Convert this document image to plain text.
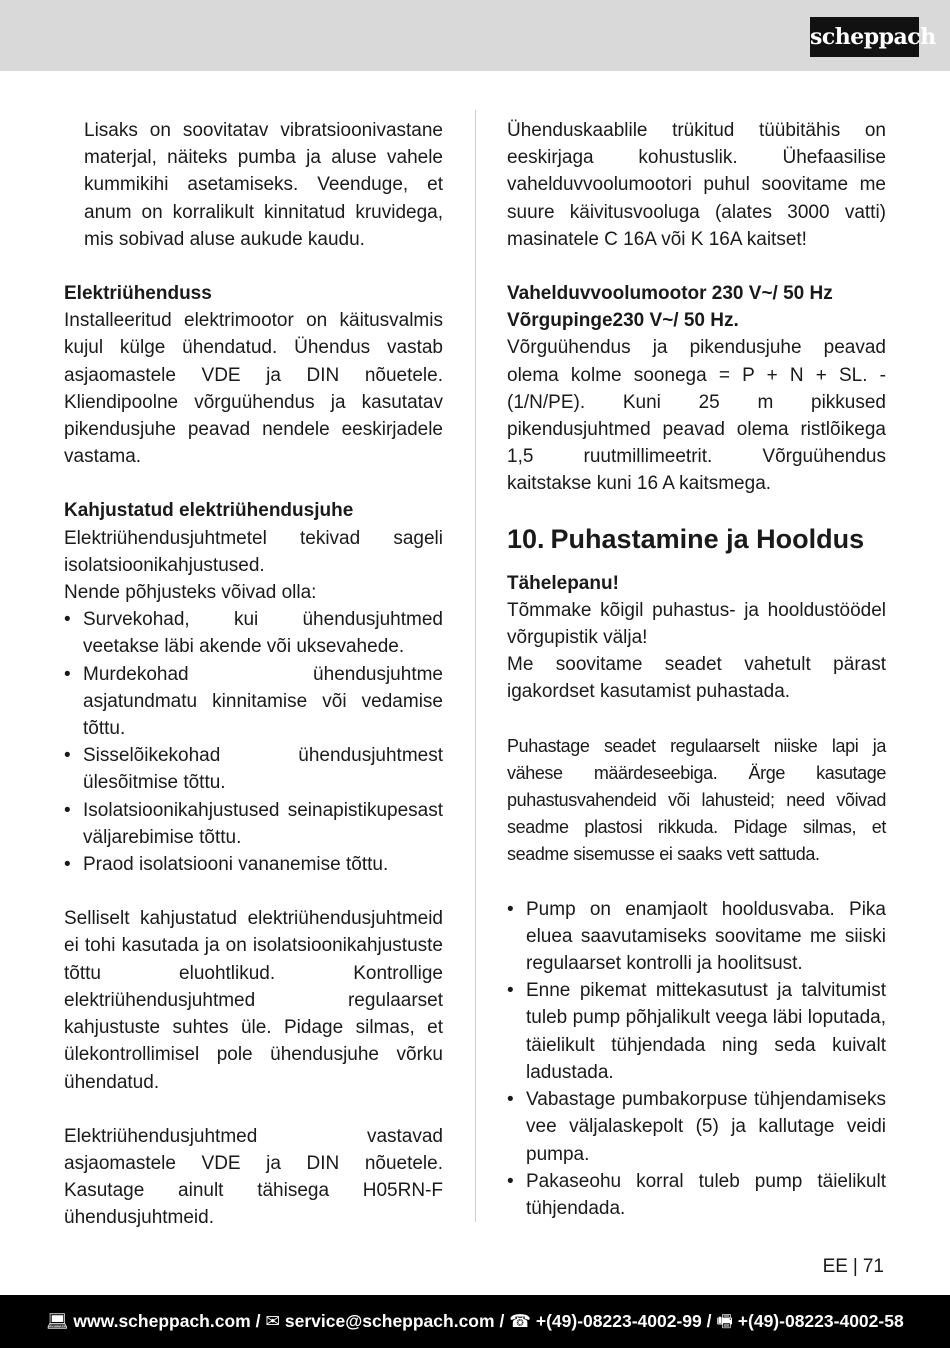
scheppach

Lisaks on soovitatav vibratsioonivastane materjal, näiteks pumba ja aluse vahele kummikihi asetamiseks. Veenduge, et anum on korralikult kinnitatud kruvidega, mis sobivad aluse aukude kaudu.

Elektriühenduss

Installeeritud elektrimootor on käitusvalmis kujul külge ühendatud. Ühendus vastab asjaomastele VDE ja DIN nõuetele. Kliendipoolne võrguühendus ja kasutatav pikendusjuhe peavad nendele eeskirjadele vastama.

Kahjustatud elektriühendusjuhe

Elektriühendusjuhtmetel tekivad sageli isolatsioonikahjustused.

Nende põhjusteks võivad olla:

• Survekohad, kui ühendusjuhtmed veetakse läbi akende või uksevahede.
• Murdekohad ühendusjuhtme asjatundmatu kinnitamise või vedamise tõttu.
• Sisselõikekohad ühendusjuhtmest ülesõitmise tõttu.
• Isolatsioonikahjustused seinapistikupesast väljarebimise tõttu.
• Praod isolatsiooni vananemise tõttu.

Selliselt kahjustatud elektriühendusjuhtmeid ei tohi kasutada ja on isolatsioonikahjustuste tõttu eluohtlikud. Kontrollige elektriühendusjuhtmed regulaarset kahjustuste suhtes üle. Pidage silmas, et ülekontrollimisel pole ühendusjuhe võrku ühendatud.

Elektriühendusjuhtmed vastavad asjaomastele VDE ja DIN nõuetele. Kasutage ainult tähisega H05RN-F ühendusjuhtmeid.

Ühenduskaablile trükitud tüübitähis on eeskirjaga kohustuslik. Ühefaasilise vahelduvvoolumootori puhul soovitame me suure käivitusvooluga (alates 3000 vatti) masinatele C 16A või K 16A kaitset!

Vahelduvvoolumootor 230 V~/ 50 Hz

Võrgupinge230 V~/ 50 Hz.

Võrguühendus ja pikendusjuhe peavad olema kolme soonega = P + N + SL. - (1/N/PE). Kuni 25 m pikkused pikendusjuhtmed peavad olema ristlõikega 1,5 ruutmillimeetrit. Võrguühendus kaitstakse kuni 16 A kaitsmega.

10. Puhastamine ja Hooldus

Tähelepanu!

Tõmmake kõigil puhastus- ja hooldustöödel võrgupistik välja!

Me soovitame seadet vahetult pärast igakordset kasutamist puhastada.

Puhastage seadet regulaarselt niiske lapi ja vähese määrdeseebiga. Ärge kasutage puhastusvahendeid või lahusteid; need võivad seadme plastosi rikkuda. Pidage silmas, et seadme sisemusse ei saaks vett sattuda.

• Pump on enamjaolt hooldusvaba. Pika eluea saavutamiseks soovitame me siiski regulaarset kontrolli ja hoolitsust.
• Enne pikemat mittekasutust ja talvitumist tuleb pump põhjalikult veega läbi loputada, täielikult tühjendada ning seda kuivalt ladustada.
• Vabastage pumbakorpuse tühjendamiseks vee väljalaskepolt (5) ja kallutage veidi pumpa.
• Pakaseohu korral tuleb pump täielikult tühjendada.
EE | 71
💻︎ www.scheppach.com / ✉ service@scheppach.com / ☎ +(49)-08223-4002-99 / 🖷︎ +(49)-08223-4002-58
